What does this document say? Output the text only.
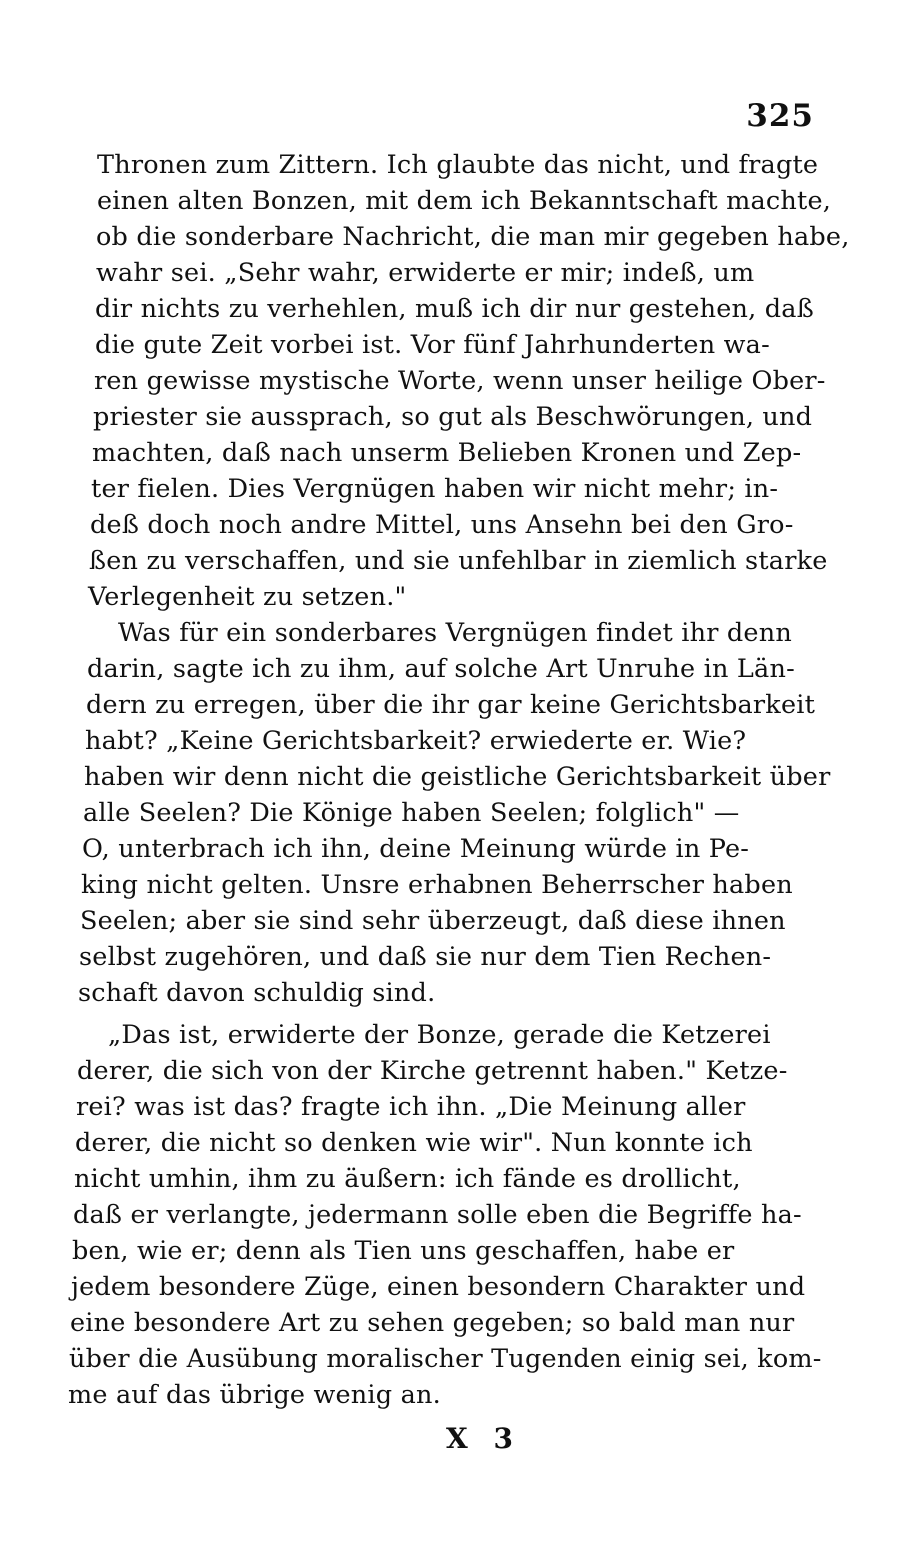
325
Thronen zum Zittern. Ich glaubte das nicht, und fragte
einen alten Bonzen, mit dem ich Bekanntschaft machte,
ob die sonderbare Nachricht, die man mir gegeben habe,
wahr sei. „Sehr wahr, erwiderte er mir; indeß, um
dir nichts zu verhehlen, muß ich dir nur gestehen, daß
die gute Zeit vorbei ist. Vor fünf Jahrhunderten wa-
ren gewisse mystische Worte, wenn unser heilige Ober-
priester sie aussprach, so gut als Beschwörungen, und
machten, daß nach unserm Belieben Kronen und Zep-
ter fielen. Dies Vergnügen haben wir nicht mehr; in-
deß doch noch andre Mittel, uns Ansehn bei den Gro-
ßen zu verschaffen, und sie unfehlbar in ziemlich starke
Verlegenheit zu setzen."
Was für ein sonderbares Vergnügen findet ihr denn
darin, sagte ich zu ihm, auf solche Art Unruhe in Län-
dern zu erregen, über die ihr gar keine Gerichtsbarkeit
habt? „Keine Gerichtsbarkeit? erwiederte er. Wie?
haben wir denn nicht die geistliche Gerichtsbarkeit über
alle Seelen? Die Könige haben Seelen; folglich" —
O, unterbrach ich ihn, deine Meinung würde in Pe-
king nicht gelten. Unsre erhabnen Beherrscher haben
Seelen; aber sie sind sehr überzeugt, daß diese ihnen
selbst zugehören, und daß sie nur dem Tien Rechen-
schaft davon schuldig sind.
„Das ist, erwiderte der Bonze, gerade die Ketzerei
derer, die sich von der Kirche getrennt haben." Ketze-
rei? was ist das? fragte ich ihn. „Die Meinung aller
derer, die nicht so denken wie wir". Nun konnte ich
nicht umhin, ihm zu äußern: ich fände es drollicht,
daß er verlangte, jedermann solle eben die Begriffe ha-
ben, wie er; denn als Tien uns geschaffen, habe er
jedem besondere Züge, einen besondern Charakter und
eine besondere Art zu sehen gegeben; so bald man nur
über die Ausübung moralischer Tugenden einig sei, kom-
me auf das übrige wenig an.
X 3
